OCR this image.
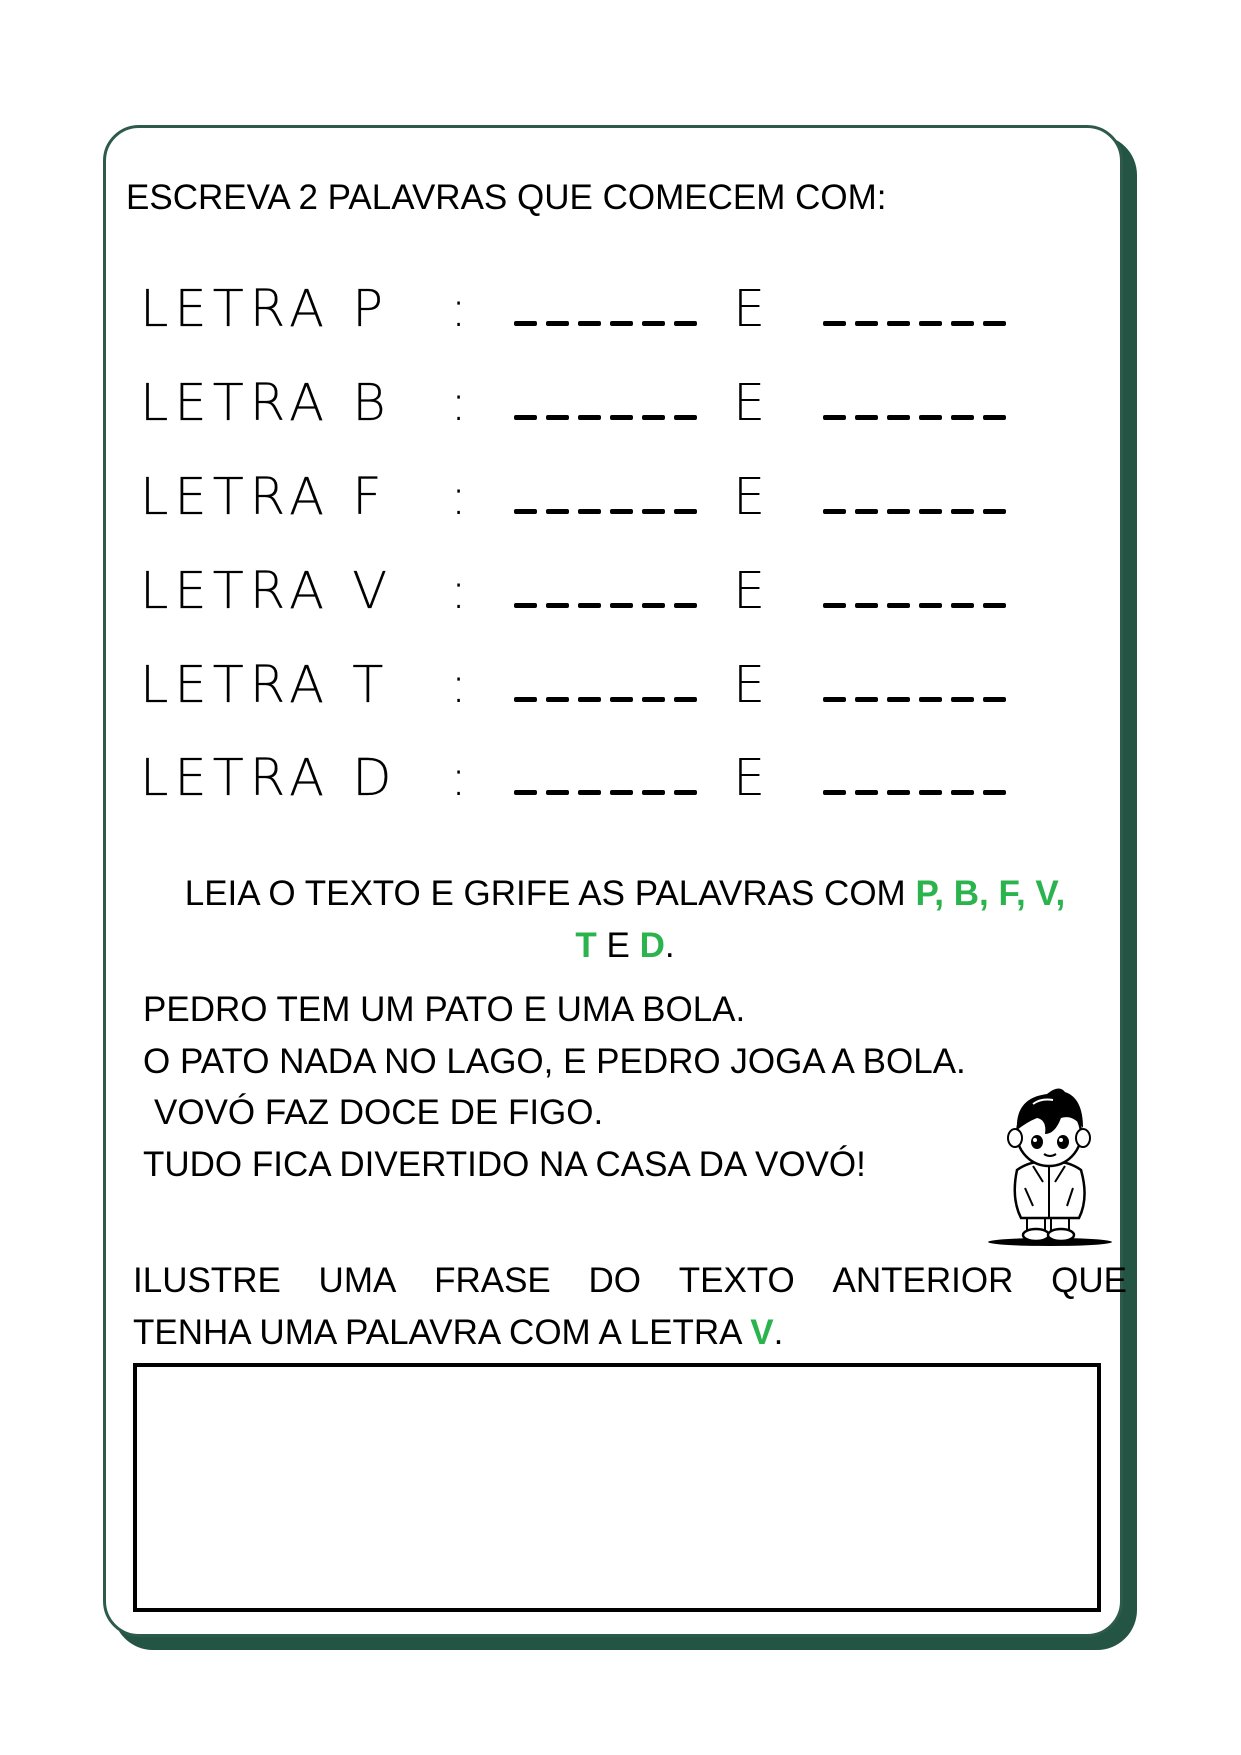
ESCREVA 2 PALAVRAS QUE COMECEM COM:
LETRA P	:	E
LETRA B	:	E
LETRA F	:	E
LETRA V	:	E
LETRA T	:	E
LETRA D	:	E
LEIA O TEXTO E GRIFE AS PALAVRAS COM P, B, F, V,
T E D.
PEDRO TEM UM PATO E UMA BOLA.
O PATO NADA NO LAGO, E PEDRO JOGA A BOLA.
VOVÓ FAZ DOCE DE FIGO.
TUDO FICA DIVERTIDO NA CASA DA VOVÓ!
ILUSTRE UMA FRASE DO TEXTO ANTERIOR QUE
TENHA UMA PALAVRA COM A LETRA V.
